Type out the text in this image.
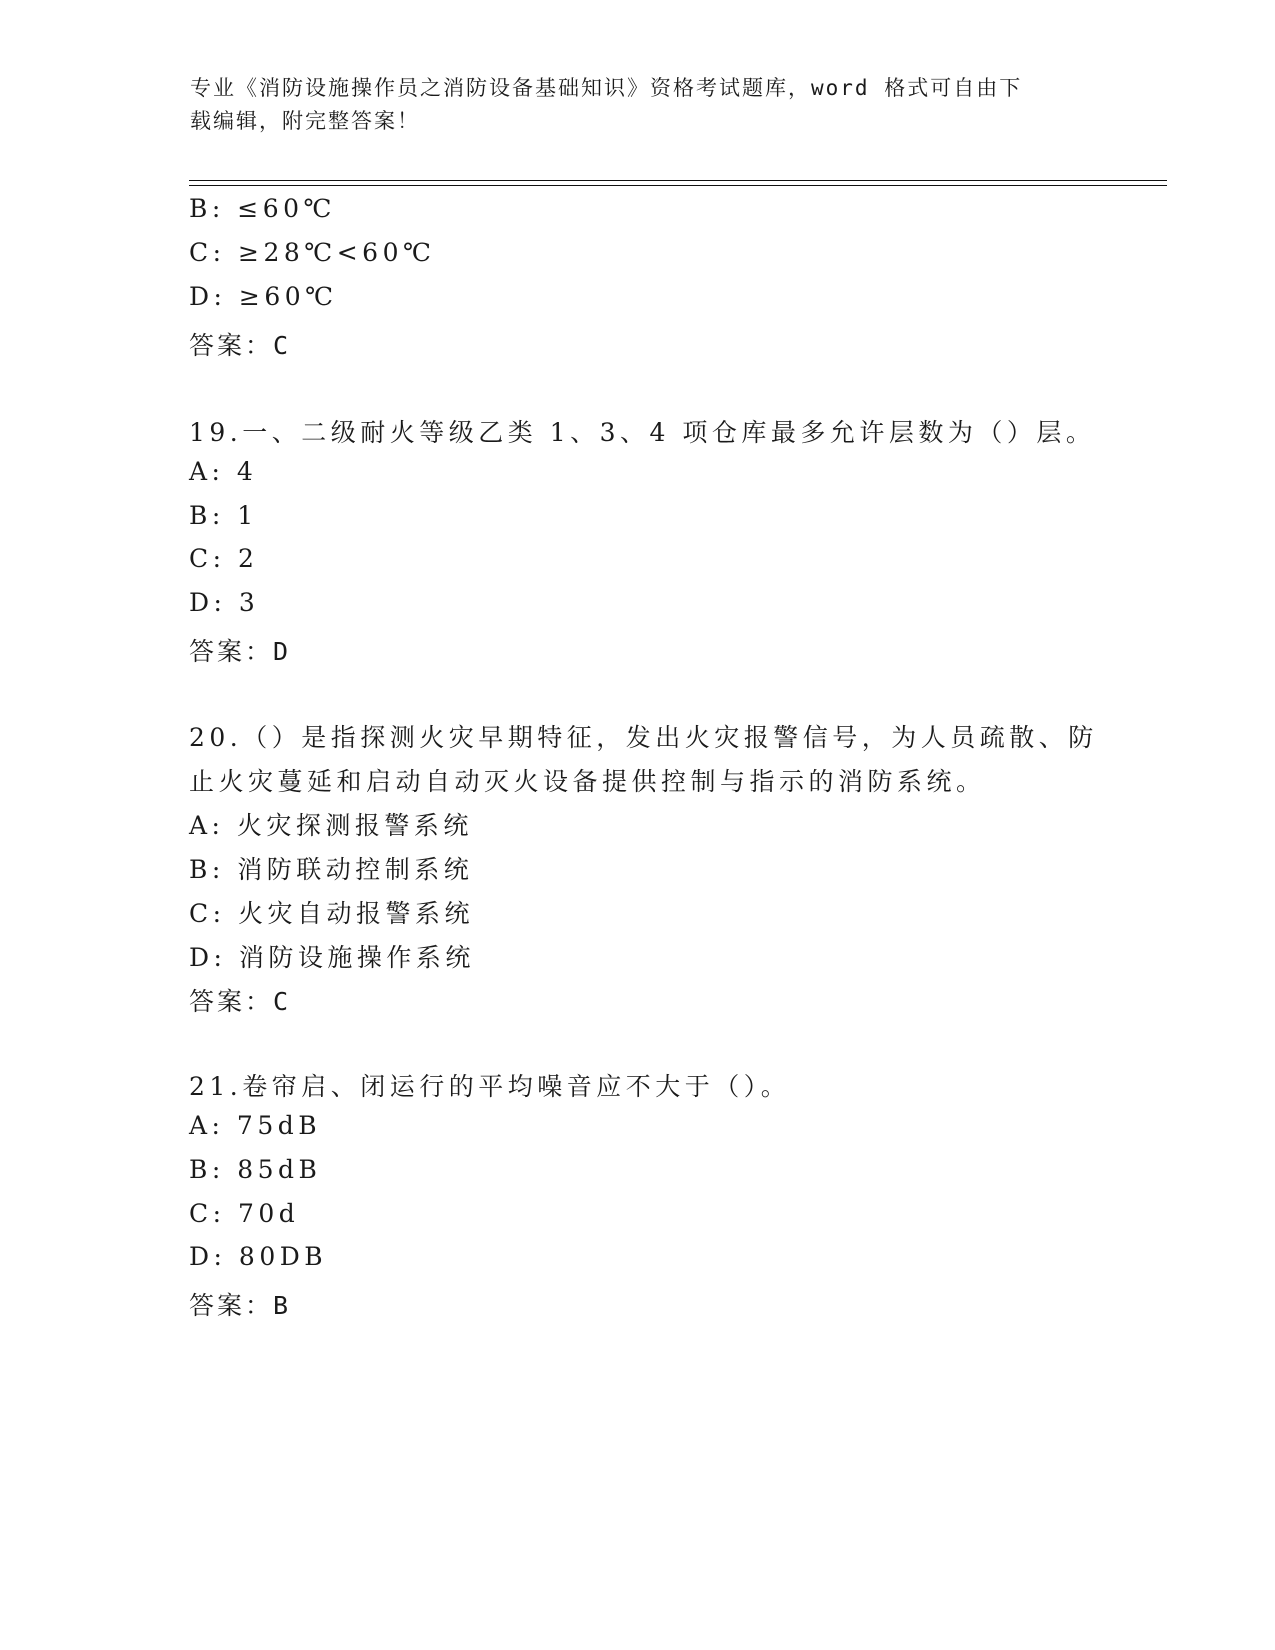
专业《消防设施操作员之消防设备基础知识》资格考试题库，word 格式可自由下
载编辑，附完整答案！
B: ≤60℃
C: ≥28℃<60℃
D: ≥60℃
答案：C
19.一、二级耐火等级乙类 1、3、4 项仓库最多允许层数为（）层。
A: 4
B: 1
C: 2
D: 3
答案：D
20.（）是指探测火灾早期特征，发出火灾报警信号，为人员疏散、防
止火灾蔓延和启动自动灭火设备提供控制与指示的消防系统。
A: 火灾探测报警系统
B: 消防联动控制系统
C: 火灾自动报警系统
D: 消防设施操作系统
答案：C
21.卷帘启、闭运行的平均噪音应不大于（）。
A: 75dB
B: 85dB
C: 70d
D: 80DB
答案：B
